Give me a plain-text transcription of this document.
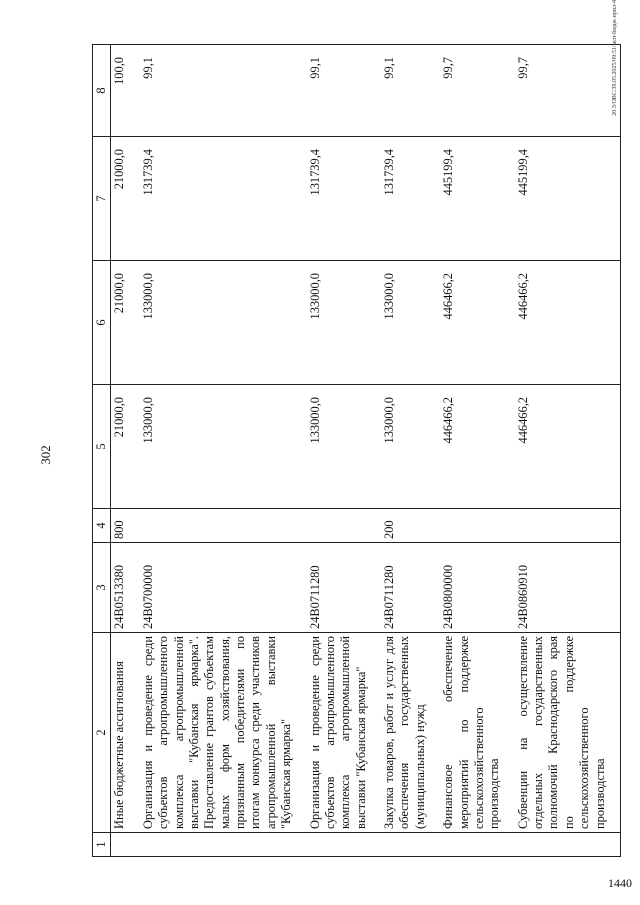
302
1	2	3	4	5	6	7	8
	Иные бюджетные ассигнования	24В0513380	800	21000,0	21000,0	21000,0	100,0
	Организация и проведение среди субъектов агропромышленного комплекса агропромышленной выставки "Кубанская ярмарка". Предоставление грантов субъектам малых форм хозяйствования, признанным победителями по итогам конкурса среди участников агропромышленной выставки "Кубанская ярмарка"	24В0700000		133000,0	133000,0	131739,4	99,1
	Организация и проведение среди субъектов агропромышленного комплекса агропромышленной выставки "Кубанская ярмарка"	24В0711280		133000,0	133000,0	131739,4	99,1
	Закупка товаров, работ и услуг для обеспечения государственных (муниципальных) нужд	24В0711280	200	133000,0	133000,0	131739,4	99,1
	Финансовое обеспечение мероприятий по поддержке сельскохозяйственного производства	24В0800000		446466,2	446466,2	445199,4	99,7
	Субвенции на осуществление отдельных государственных полномочий Краснодарского края по поддержке сельскохозяйственного производства	24В0860910		446466,2	446466,2	445199,4	99,7	20.3/ОВС/39.05.2025/09:51/мсп-бюдж-прил-4
1440
